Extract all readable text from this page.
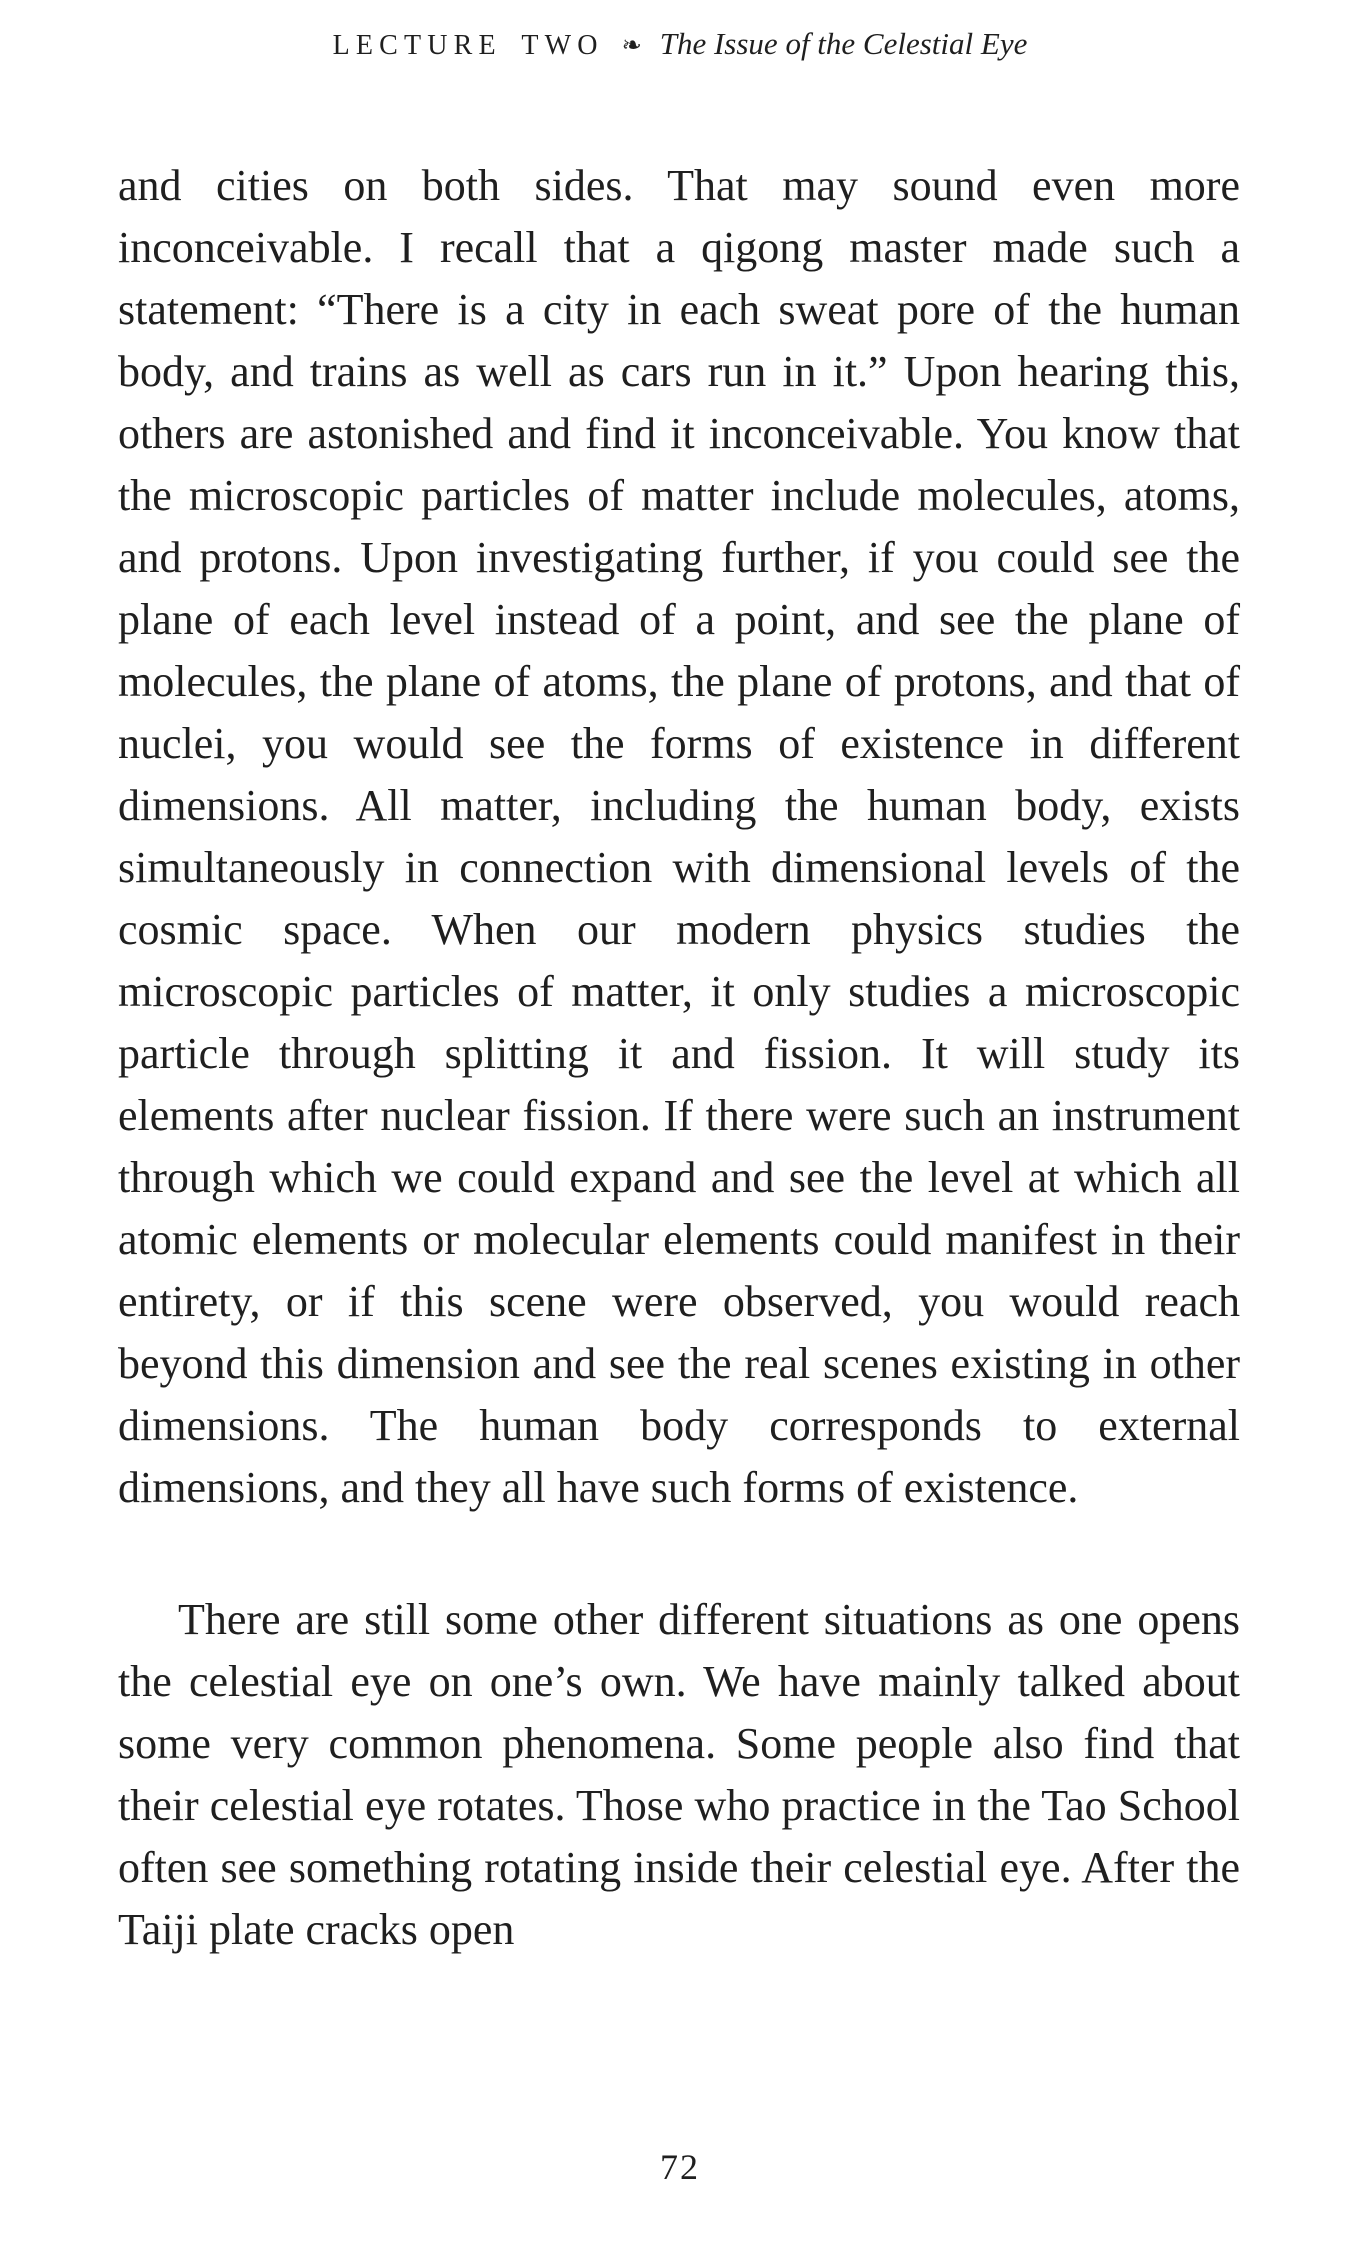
LECTURE TWO ❧ The Issue of the Celestial Eye

and cities on both sides. That may sound even more inconceivable. I recall that a qigong master made such a statement: “There is a city in each sweat pore of the human body, and trains as well as cars run in it.” Upon hearing this, others are astonished and find it inconceivable. You know that the microscopic particles of matter include molecules, atoms, and protons. Upon investigating further, if you could see the plane of each level instead of a point, and see the plane of molecules, the plane of atoms, the plane of protons, and that of nuclei, you would see the forms of existence in different dimensions. All matter, including the human body, exists simultaneously in connection with dimensional levels of the cosmic space. When our modern physics studies the microscopic particles of matter, it only studies a microscopic particle through splitting it and fission. It will study its elements after nuclear fission. If there were such an instrument through which we could expand and see the level at which all atomic elements or molecular elements could manifest in their entirety, or if this scene were observed, you would reach beyond this dimension and see the real scenes existing in other dimensions. The human body corresponds to external dimensions, and they all have such forms of existence.

There are still some other different situations as one opens the celestial eye on one’s own. We have mainly talked about some very common phenomena. Some people also find that their celestial eye rotates. Those who practice in the Tao School often see something rotating inside their celestial eye. After the Taiji plate cracks open

72
